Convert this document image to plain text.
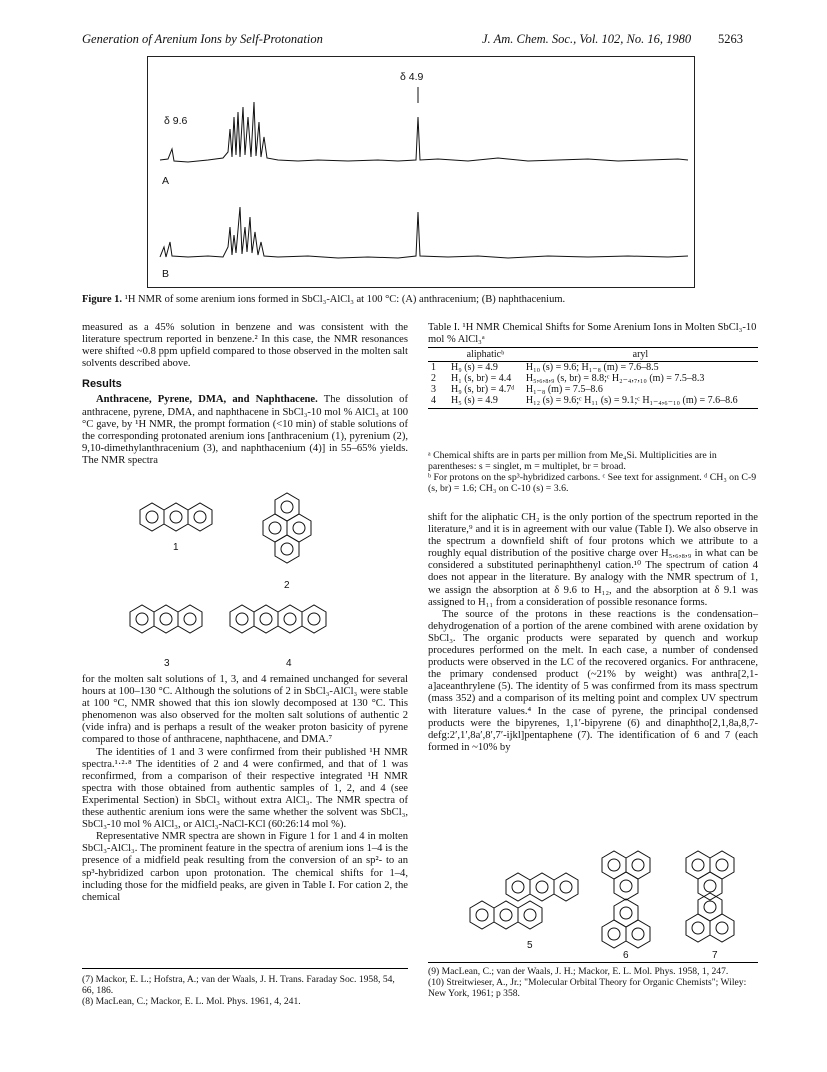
Generation of Arenium Ions by Self-Protonation	J. Am. Chem. Soc., Vol. 102, No. 16, 1980 5263
δ 4.9
δ 9.6
A
B
Figure 1. ¹H NMR of some arenium ions formed in SbCl₃-AlCl₃ at 100 °C: (A) anthracenium; (B) naphthacenium.

measured as a 45% solution in benzene and was consistent with the literature spectrum reported in benzene.² In this case, the NMR resonances were shifted ~0.8 ppm upfield compared to those observed in the molten salt solvents described above.

Results

Anthracene, Pyrene, DMA, and Naphthacene. The dissolution of anthracene, pyrene, DMA, and naphthacene in SbCl₃-10 mol % AlCl₃ at 100 °C gave, by ¹H NMR, the prompt formation (<10 min) of stable solutions of the corresponding protonated arenium ions [anthracenium (1), pyrenium (2), 9,10-dimethylanthracenium (3), and naphthacenium (4)] in 55–65% yields. The NMR spectra

1
2
3	4

for the molten salt solutions of 1, 3, and 4 remained unchanged for several hours at 100–130 °C. Although the solutions of 2 in SbCl₃-AlCl₃ were stable at 100 °C, NMR showed that this ion slowly decomposed at 130 °C. This phenomenon was also observed for the molten salt solutions of authentic 2 (vide infra) and is perhaps a result of the weaker proton basicity of pyrene compared to those of anthracene, naphthacene, and DMA.⁷

The identities of 1 and 3 were confirmed from their published ¹H NMR spectra.¹·²·⁸ The identities of 2 and 4 were confirmed, and that of 1 was reconfirmed, from a comparison of their respective integrated ¹H NMR spectra with those obtained from authentic samples of 1, 2, and 4 (see Experimental Section) in SbCl₃ without extra AlCl₃. The NMR spectra of these authentic arenium ions were the same whether the solvent was SbCl₃, SbCl₃-10 mol % AlCl₃, or AlCl₃-NaCl-KCl (60:26:14 mol %).

Representative NMR spectra are shown in Figure 1 for 1 and 4 in molten SbCl₃-AlCl₃. The prominent feature in the spectra of arenium ions 1–4 is the presence of a midfield peak resulting from the conversion of an sp²- to an sp³-hybridized carbon upon protonation. The chemical shifts for 1–4, including those for the midfield peaks, are given in Table I. For cation 2, the chemical

Table I. ¹H NMR Chemical Shifts for Some Arenium Ions in Molten SbCl₃-10 mol % AlCl₃ᵃ
	aliphaticᵇ	aryl
1	H₉ (s) = 4.9	H₁₀ (s) = 9.6; H₁₋₈ (m) = 7.6–8.5
2	H₁ (s, br) = 4.4	H₅,₆,₈,₉ (s, br) = 8.8;ᶜ H₂₋₄,₇,₁₀ (m) = 7.5–8.3
3	H₉ (s, br) = 4.7ᵈ	H₁₋₈ (m) = 7.5–8.6
4	H₅ (s) = 4.9	H₁₂ (s) = 9.6;ᶜ H₁₁ (s) = 9.1;ᶜ H₁₋₄,₆₋₁₀ (m) = 7.6–8.6
ᵃ Chemical shifts are in parts per million from Me₄Si. Multiplicities are in parentheses: s = singlet, m = multiplet, br = broad.
ᵇ For protons on the sp³-hybridized carbons. ᶜ See text for assignment. ᵈ CH₃ on C-9 (s, br) = 1.6; CH₃ on C-10 (s) = 3.6.

shift for the aliphatic CH₂ is the only portion of the spectrum reported in the literature,⁹ and it is in agreement with our value (Table I). We also observe in the spectrum a downfield shift of four protons which we attribute to a roughly equal distribution of the positive charge over H₅,₆,₈,₉ in what can be considered a substituted perinaphthenyl cation.¹⁰ The spectrum of cation 4 does not appear in the literature. By analogy with the NMR spectrum of 1, we assign the absorption at δ 9.6 to H₁₂, and the absorption at δ 9.1 was assigned to H₁₁ from a consideration of possible resonance forms.

The source of the protons in these reactions is the condensation–dehydrogenation of a portion of the arene combined with arene oxidation by SbCl₃. The organic products were separated by quench and workup procedures performed on the melt. In each case, a number of condensed products were observed in the LC of the recovered organics. For anthracene, the primary condensed product (~21% by weight) was anthra[2,1-a]aceanthrylene (5). The identity of 5 was confirmed from its mass spectrum (mass 352) and a comparison of its melting point and complex UV spectrum with literature values.⁴ In the case of pyrene, the principal condensed products were the bipyrenes, 1,1′-bipyrene (6) and dinaphtho[2,1,8a,8,7-defg:2′,1′,8a′,8′,7′-ijkl]pentaphene (7). The identification of 6 and 7 (each formed in ~10% by

5
6	7
(7) Mackor, E. L.; Hofstra, A.; van der Waals, J. H. Trans. Faraday Soc. 1958, 54, 66, 186.
(8) MacLean, C.; Mackor, E. L. Mol. Phys. 1961, 4, 241.
(9) MacLean, C.; van der Waals, J. H.; Mackor, E. L. Mol. Phys. 1958, 1, 247.
(10) Streitwieser, A., Jr.; "Molecular Orbital Theory for Organic Chemists"; Wiley: New York, 1961; p 358.
